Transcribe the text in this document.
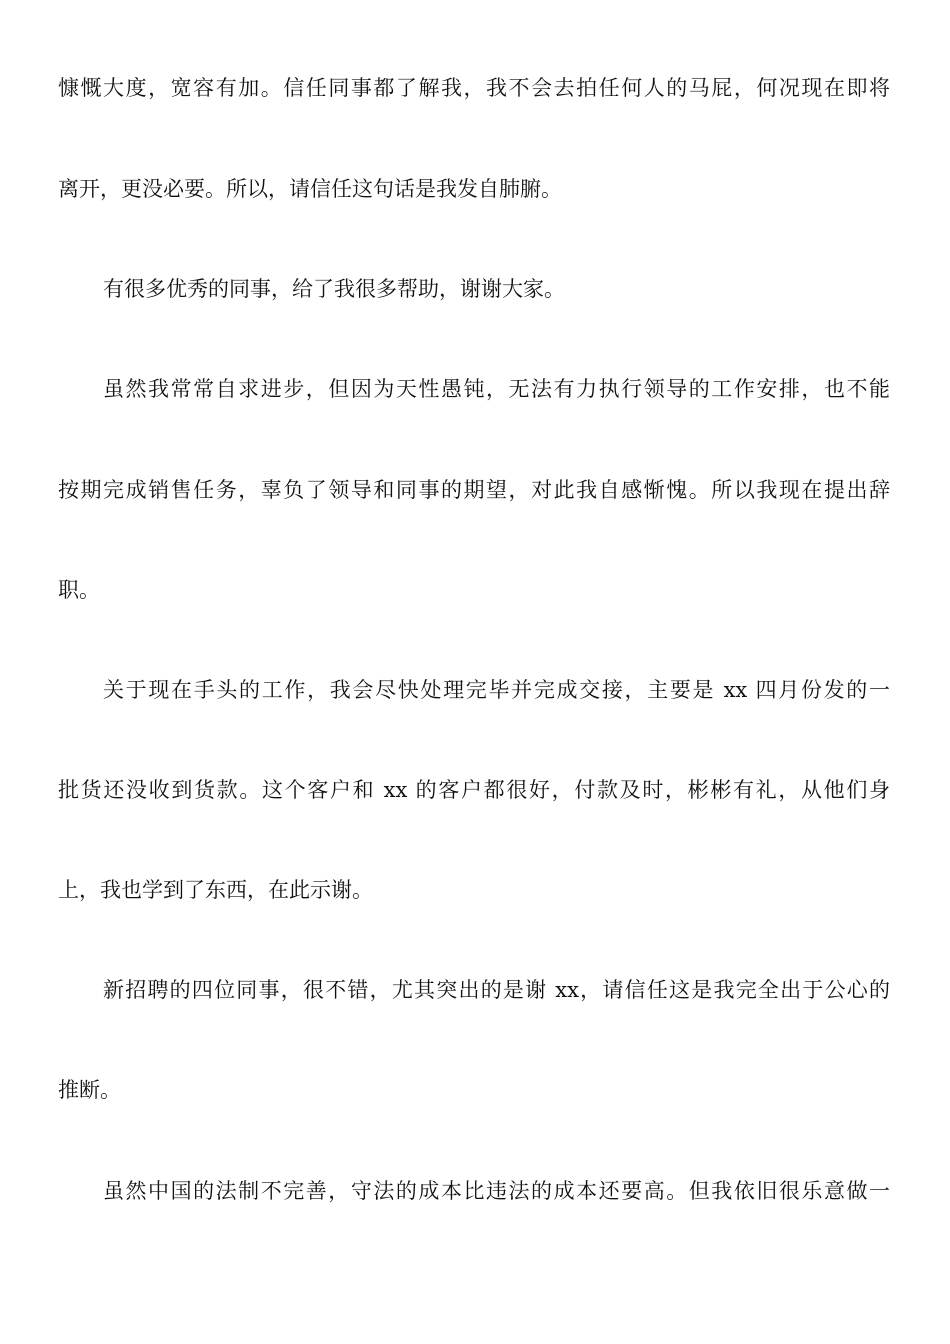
慷慨大度，宽容有加。信任同事都了解我，我不会去拍任何人的马屁，何况现在即将
离开，更没必要。所以，请信任这句话是我发自肺腑。
有很多优秀的同事，给了我很多帮助，谢谢大家。
虽然我常常自求进步，但因为天性愚钝，无法有力执行领导的工作安排，也不能
按期完成销售任务，辜负了领导和同事的期望，对此我自感惭愧。所以我现在提出辞
职。
关于现在手头的工作，我会尽快处理完毕并完成交接，主要是 xx 四月份发的一
批货还没收到货款。这个客户和 xx 的客户都很好，付款及时，彬彬有礼，从他们身
上，我也学到了东西，在此示谢。
新招聘的四位同事，很不错，尤其突出的是谢 xx，请信任这是我完全出于公心的
推断。
虽然中国的法制不完善，守法的成本比违法的成本还要高。但我依旧很乐意做一
